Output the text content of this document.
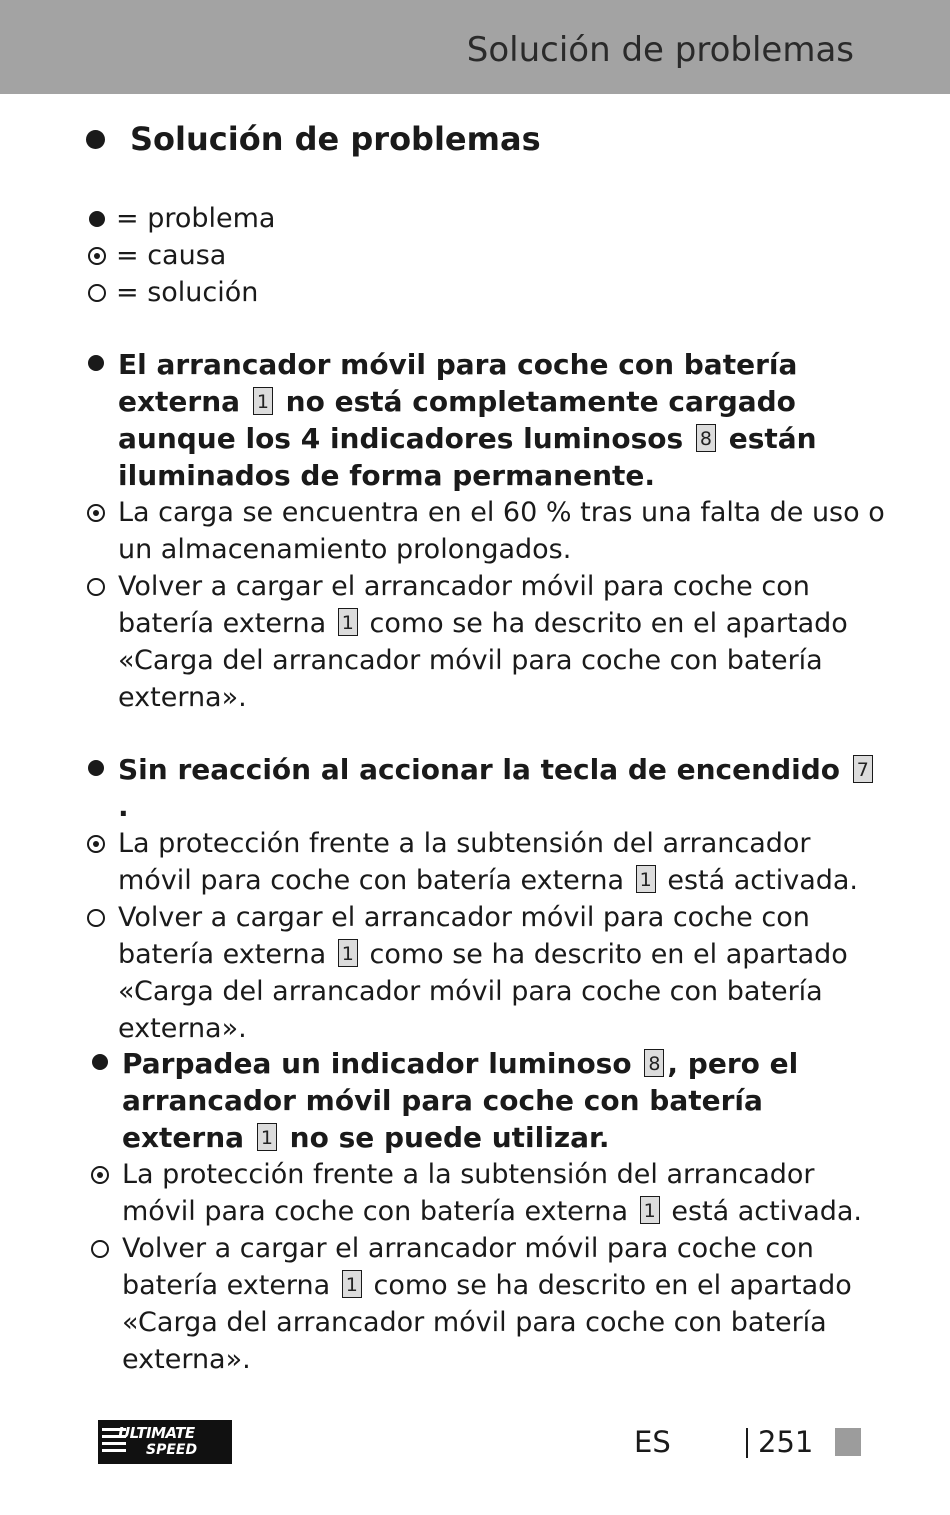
Solución de problemas
Solución de problemas
= problema
= causa
= solución
El arrancador móvil para coche con batería externa 1 no está completamente cargado aunque los 4 indicadores luminosos 8 están iluminados de forma permanente.
La carga se encuentra en el 60 % tras una falta de uso o un almacenamiento prolongados.
Volver a cargar el arrancador móvil para coche con batería externa 1 como se ha descrito en el apartado «Carga del arrancador móvil para coche con batería externa».
Sin reacción al accionar la tecla de encendido 7.
La protección frente a la subtensión del arrancador móvil para coche con batería externa 1 está activada.
Volver a cargar el arrancador móvil para coche con batería externa 1 como se ha descrito en el apartado «Carga del arrancador móvil para coche con batería externa».
Parpadea un indicador luminoso 8 , pero el arrancador móvil para coche con batería externa 1 no se puede utilizar.
La protección frente a la subtensión del arrancador móvil para coche con batería externa 1 está activada.
Volver a cargar el arrancador móvil para coche con batería externa 1 como se ha descrito en el apartado «Carga del arrancador móvil para coche con batería externa».
ULTIMATE
SPEED	ES	251
